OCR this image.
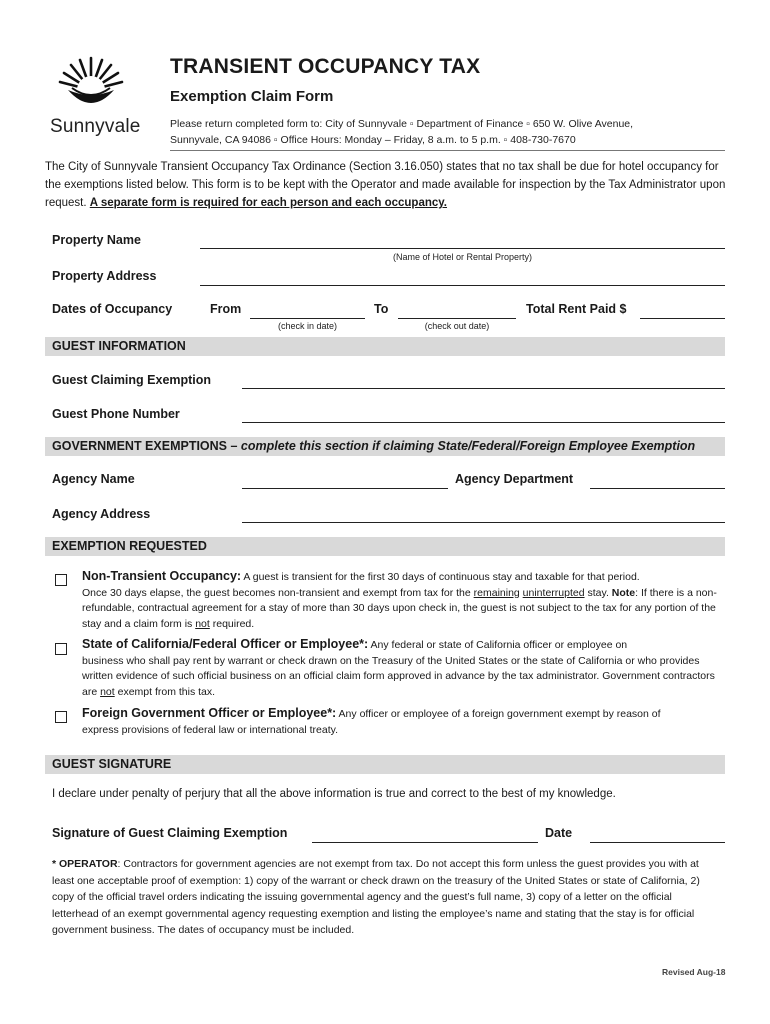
Sunnyvale
TRANSIENT OCCUPANCY TAX
Exemption Claim Form
Please return completed form to: City of Sunnyvale ▫ Department of Finance ▫ 650 W. Olive Avenue,
Sunnyvale, CA 94086 ▫ Office Hours: Monday – Friday, 8 a.m. to 5 p.m. ▫ 408-730-7670
The City of Sunnyvale Transient Occupancy Tax Ordinance (Section 3.16.050) states that no tax shall be due for hotel occupancy for the exemptions listed below. This form is to be kept with the Operator and made available for inspection by the Tax Administrator upon request. A separate form is required for each person and each occupancy.
Property Name
(Name of Hotel or Rental Property)
Property Address
Dates of Occupancy	From
(check in date)
To
(check out date)
Total Rent Paid $
GUEST INFORMATION
Guest Claiming Exemption
Guest Phone Number
GOVERNMENT EXEMPTIONS – complete this section if claiming State/Federal/Foreign Employee Exemption
Agency Name	Agency Department
Agency Address
EXEMPTION REQUESTED
Non-Transient Occupancy: A guest is transient for the first 30 days of continuous stay and taxable for that period.
Once 30 days elapse, the guest becomes non-transient and exempt from tax for the remaining uninterrupted stay. Note: If there is a non-refundable, contractual agreement for a stay of more than 30 days upon check in, the guest is not subject to the tax for any portion of the stay and a claim form is not required.
State of California/Federal Officer or Employee*: Any federal or state of California officer or employee on
business who shall pay rent by warrant or check drawn on the Treasury of the United States or the state of California or who provides written evidence of such official business on an official claim form approved in advance by the tax administrator. Government contractors are not exempt from this tax.
Foreign Government Officer or Employee*: Any officer or employee of a foreign government exempt by reason of
express provisions of federal law or international treaty.
GUEST SIGNATURE
I declare under penalty of perjury that all the above information is true and correct to the best of my knowledge.
Signature of Guest Claiming Exemption	Date
* OPERATOR: Contractors for government agencies are not exempt from tax. Do not accept this form unless the guest provides you with at least one acceptable proof of exemption: 1) copy of the warrant or check drawn on the treasury of the United States or state of California, 2) copy of the official travel orders indicating the issuing governmental agency and the guest’s full name, 3) copy of a letter on the official letterhead of an exempt governmental agency requesting exemption and listing the employee’s name and stating that the stay is for official government business. The dates of occupancy must be included.
Revised Aug-18
